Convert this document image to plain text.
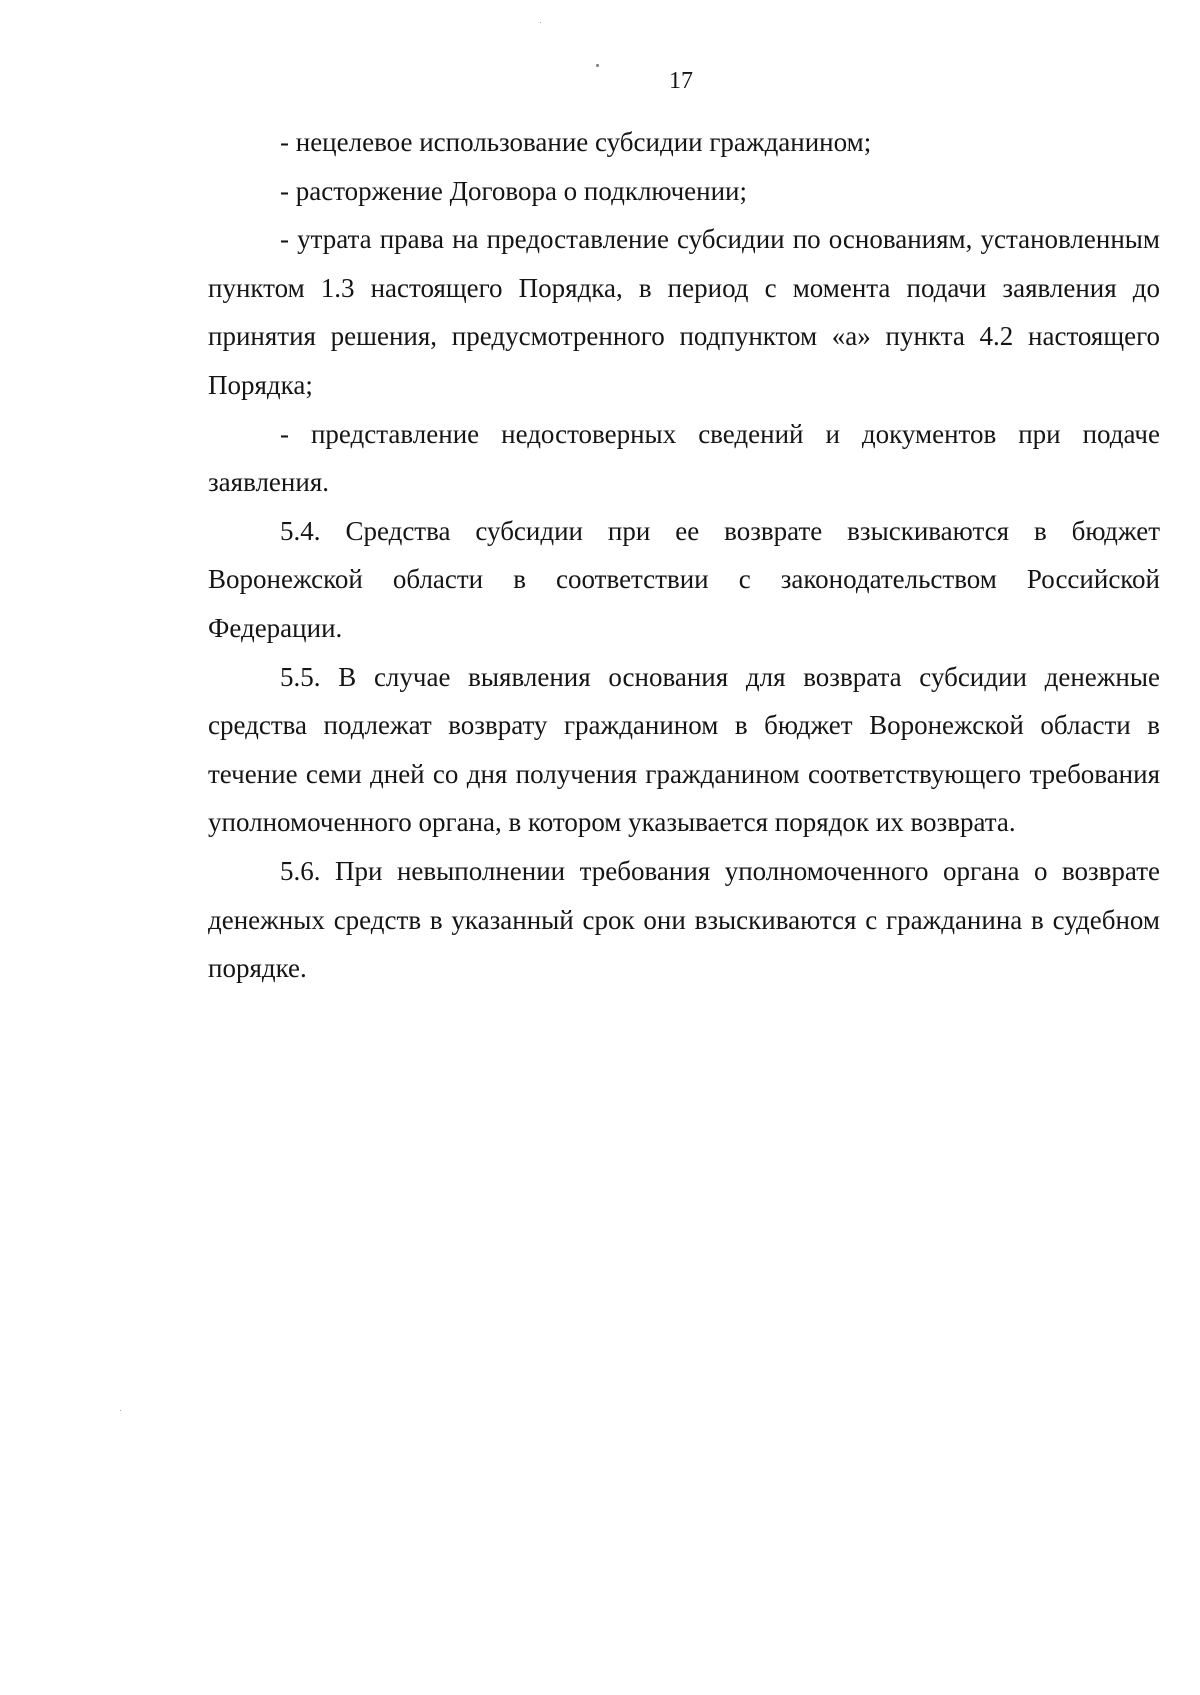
17

- нецелевое использование субсидии гражданином;

- расторжение Договора о подключении;

- утрата права на предоставление субсидии по основаниям, установленным пунктом 1.3 настоящего Порядка, в период с момента подачи заявления до принятия решения, предусмотренного подпунктом «а» пункта 4.2 настоящего Порядка;

- представление недостоверных сведений и документов при подаче заявления.

5.4. Средства субсидии при ее возврате взыскиваются в бюджет Воронежской области в соответствии с законодательством Российской Федерации.

5.5. В случае выявления основания для возврата субсидии денежные средства подлежат возврату гражданином в бюджет Воронежской области в течение семи дней со дня получения гражданином соответствующего требования уполномоченного органа, в котором указывается порядок их возврата.

5.6. При невыполнении требования уполномоченного органа о возврате денежных средств в указанный срок они взыскиваются с гражданина в судебном порядке.
